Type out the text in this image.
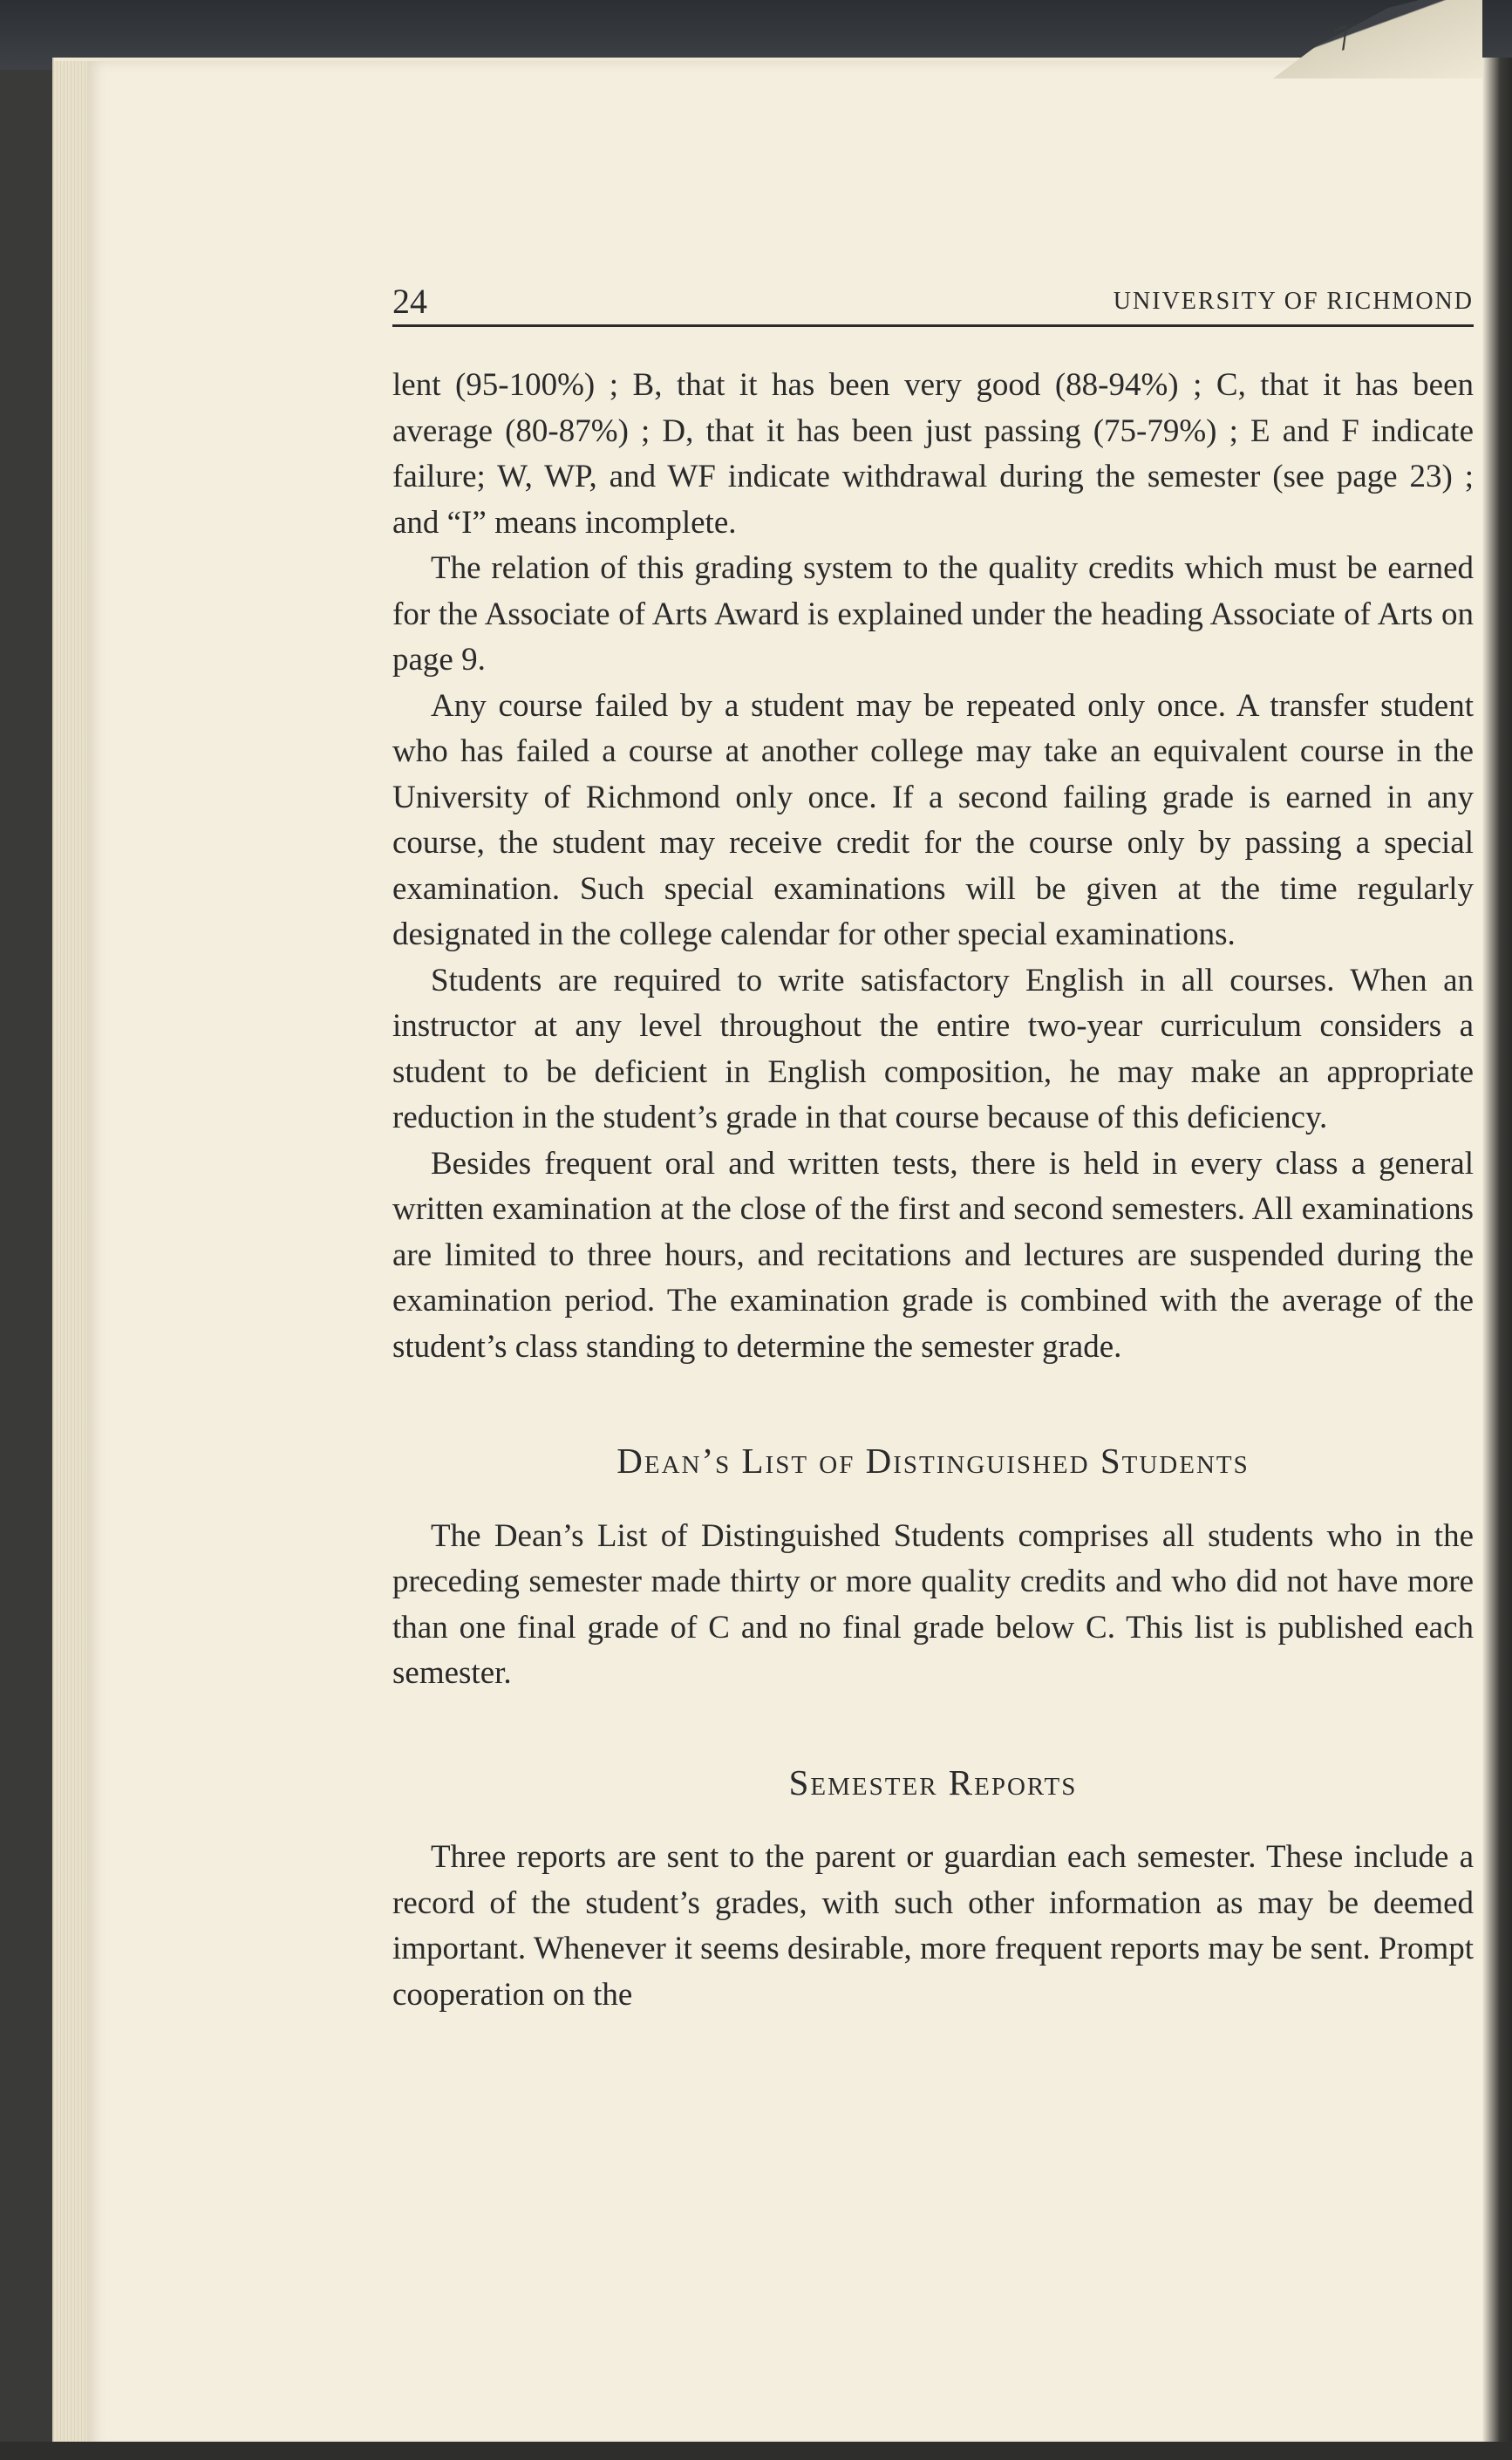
7
24	UNIVERSITY OF RICHMOND

lent (95-100%) ; B, that it has been very good (88-94%) ; C, that it has been average (80-87%) ; D, that it has been just passing (75-79%) ; E and F indicate failure; W, WP, and WF indicate withdrawal during the semester (see page 23) ; and “I” means incomplete.

The relation of this grading system to the quality credits which must be earned for the Associate of Arts Award is explained under the heading Associate of Arts on page 9.

Any course failed by a student may be repeated only once. A transfer student who has failed a course at another college may take an equivalent course in the University of Richmond only once. If a second failing grade is earned in any course, the student may receive credit for the course only by passing a special examination. Such special examinations will be given at the time regularly designated in the college calendar for other special examinations.

Students are required to write satisfactory English in all courses. When an instructor at any level throughout the entire two-year curriculum considers a student to be deficient in English composition, he may make an appropriate reduction in the student’s grade in that course because of this deficiency.

Besides frequent oral and written tests, there is held in every class a general written examination at the close of the first and second semesters. All examinations are limited to three hours, and recitations and lectures are suspended during the examination period. The examination grade is combined with the average of the student’s class standing to determine the semester grade.

Dean’s List of Distinguished Students

The Dean’s List of Distinguished Students comprises all students who in the preceding semester made thirty or more quality credits and who did not have more than one final grade of C and no final grade below C. This list is published each semester.

Semester Reports

Three reports are sent to the parent or guardian each semester. These include a record of the student’s grades, with such other information as may be deemed important. Whenever it seems desirable, more frequent reports may be sent. Prompt cooperation on the
